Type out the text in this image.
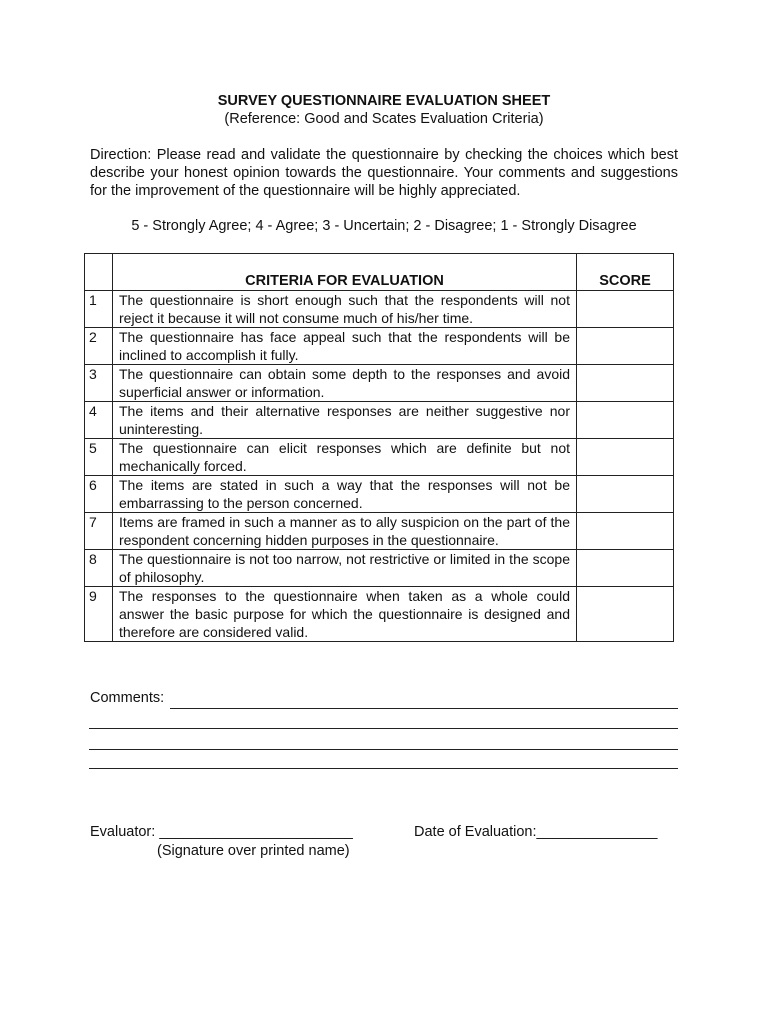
SURVEY QUESTIONNAIRE EVALUATION SHEET
(Reference: Good and Scates Evaluation Criteria)
Direction: Please read and validate the questionnaire by checking the choices which best describe your honest opinion towards the questionnaire. Your comments and suggestions for the improvement of the questionnaire will be highly appreciated.
5 - Strongly Agree; 4 - Agree; 3 - Uncertain; 2 - Disagree; 1 - Strongly Disagree
	CRITERIA FOR EVALUATION	SCORE
1	The questionnaire is short enough such that the respondents will not reject it because it will not consume much of his/her time.	
2	The questionnaire has face appeal such that the respondents will be inclined to accomplish it fully.	
3	The questionnaire can obtain some depth to the responses and avoid superficial answer or information.	
4	The items and their alternative responses are neither suggestive nor uninteresting.	
5	The questionnaire can elicit responses which are definite but not mechanically forced.	
6	The items are stated in such a way that the responses will not be embarrassing to the person concerned.	
7	Items are framed in such a manner as to ally suspicion on the part of the respondent concerning hidden purposes in the questionnaire.	
8	The questionnaire is not too narrow, not restrictive or limited in the scope of philosophy.	
9	The responses to the questionnaire when taken as a whole could answer the basic purpose for which the questionnaire is designed and therefore are considered valid.	
Comments:
Evaluator: ________________________
(Signature over printed name)
Date of Evaluation:_______________
